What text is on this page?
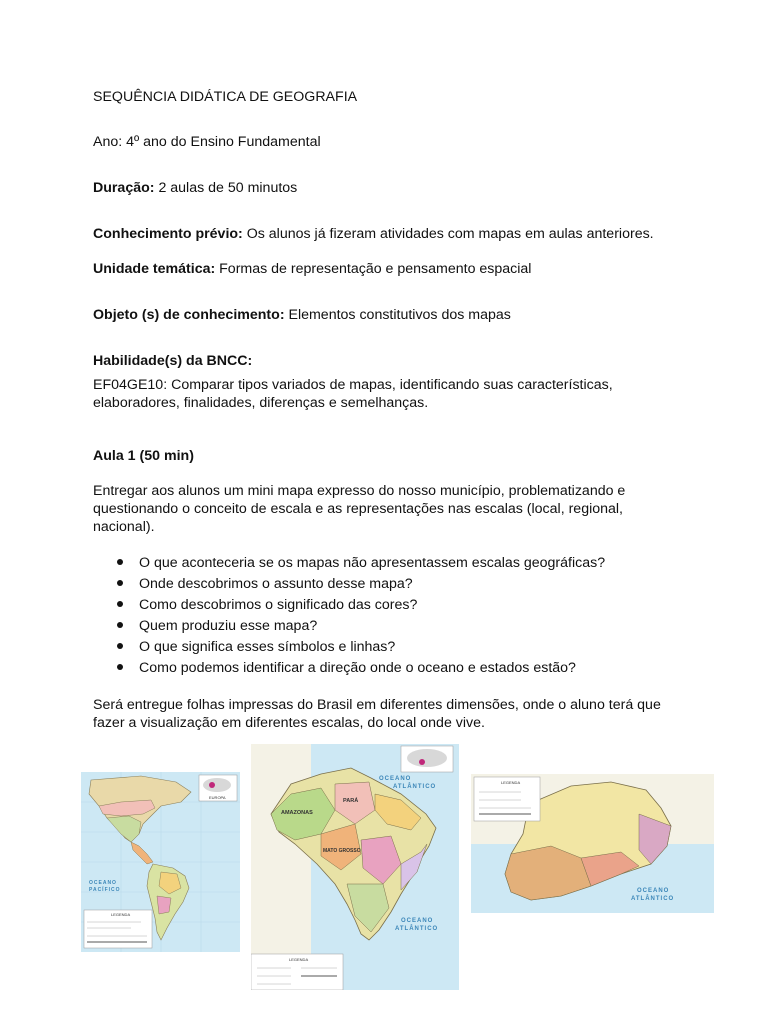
SEQUÊNCIA DIDÁTICA DE GEOGRAFIA
Ano: 4º ano do Ensino Fundamental
Duração: 2 aulas de 50 minutos
Conhecimento prévio: Os alunos já fizeram atividades com mapas em aulas anteriores.
Unidade temática: Formas de representação e pensamento espacial
Objeto (s) de conhecimento: Elementos constitutivos dos mapas
Habilidade(s) da BNCC:
EF04GE10: Comparar tipos variados de mapas, identificando suas características,
elaboradores, finalidades, diferenças e semelhanças.
Aula 1 (50 min)
Entregar aos alunos um mini mapa expresso do nosso município, problematizando e
questionando o conceito de escala e as representações nas escalas (local, regional,
nacional).
O que aconteceria se os mapas não apresentassem escalas geográficas?
Onde descobrimos o assunto desse mapa?
Como descobrimos o significado das cores?
Quem produziu esse mapa?
O que significa esses símbolos e linhas?
Como podemos identificar a direção onde o oceano e estados estão?
Será entregue folhas impressas do Brasil em diferentes dimensões, onde o aluno terá que
fazer a visualização em diferentes escalas, do local onde vive.
EUROPA
OCEANO
PACÍFICO
LEGENDA
AMAZONAS
PARÁ
MATO GROSSO
OCEANO
ATLÂNTICO
OCEANO
ATLÂNTICO
LEGENDA
LEGENDA
OCEANO
ATLÂNTICO
